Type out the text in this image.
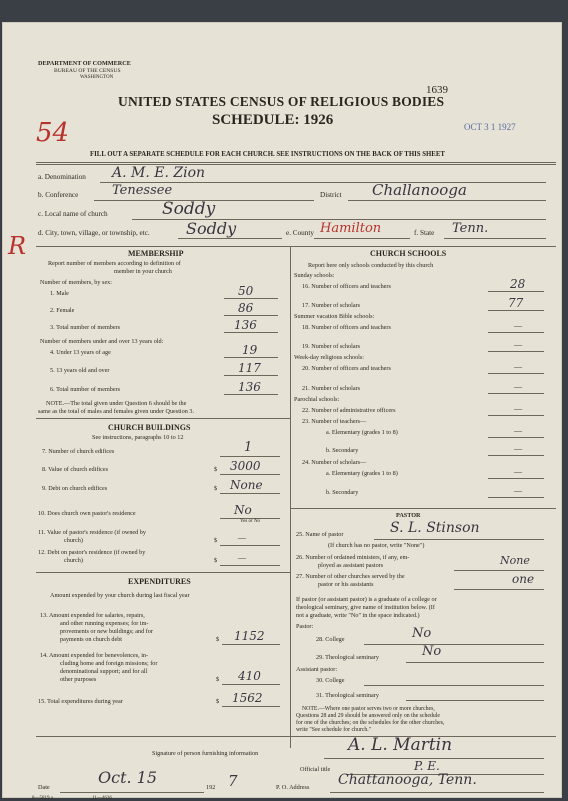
DEPARTMENT OF COMMERCE
BUREAU OF THE CENSUS
WASHINGTON
1639
UNITED STATES CENSUS OF RELIGIOUS BODIES
SCHEDULE: 1926	OCT 3 1 1927
54
R
FILL OUT A SEPARATE SCHEDULE FOR EACH CHURCH. SEE INSTRUCTIONS ON THE BACK OF THIS SHEET
a. Denomination A. M. E. Zion
b. Conference	Tenessee	District Challanooga
c. Local name of church	Soddy
d. City, town, village, or township, etc. Soddy	e. County Hamilton	f. State Tenn.
MEMBERSHIP
Report number of members according to definition of
member in your church
Number of members, by sex:
1. Male	50
2. Female	86
3. Total number of members	136
Number of members under and over 13 years old:
4. Under 13 years of age	19
5. 13 years old and over	117
6. Total number of members	136
NOTE.—The total given under Question 6 should be the
same as the total of males and females given under Question 3.
CHURCH BUILDINGS
See instructions, paragraphs 10 to 12
7. Number of church edifices	1
8. Value of church edifices	$ 3000
9. Debt on church edifices	$ None
10. Does church own pastor's residence	No
Yes or No
11. Value of pastor's residence (if owned by
church)	$	—
12. Debt on pastor's residence (if owned by
church)	$	—
EXPENDITURES
Amount expended by your church during last fiscal year
13. Amount expended for salaries, repairs,
and other running expenses; for im-
provements or new buildings; and for
payments on church debt	$ 1152
14. Amount expended for benevolences, in-
cluding home and foreign missions; for
denominational support; and for all
other purposes	$ 410
15. Total expenditures during year	$ 1562
CHURCH SCHOOLS
Report here only schools conducted by this church
Sunday schools:
16. Number of officers and teachers	28
17. Number of scholars	77
Summer vacation Bible schools:
18. Number of officers and teachers	—
19. Number of scholars	—
Week-day religious schools:
20. Number of officers and teachers	—
21. Number of scholars	—
Parochial schools:
22. Number of administrative officers	—
23. Number of teachers—
a. Elementary (grades 1 to 8)	—
b. Secondary	—
24. Number of scholars—
a. Elementary (grades 1 to 8)	—
b. Secondary	—
PASTOR
25. Name of pastor	S. L. Stinson
(If church has no pastor, write "None")
26. Number of ordained ministers, if any, em-
ployed as assistant pastors	None
27. Number of other churches served by the
pastor or his assistants	one
If pastor (or assistant pastor) is a graduate of a college or
theological seminary, give name of institution below. (If
not a graduate, write "No" in the space indicated.)
Pastor:
28. College	No
29. Theological seminary	No
Assistant pastor:
30. College
31. Theological seminary
NOTE.—Where one pastor serves two or more churches,
Questions 28 and 29 should be answered only on the schedule
for one of the churches; on the schedules for the other churches,
write "See schedule for church."
Signature of person furnishing information	A. L. Martin
Official title	P. E.
Date
Oct. 15
192 7	P. O. Address Chattanooga, Tenn.
8—5819 a	11—4636
